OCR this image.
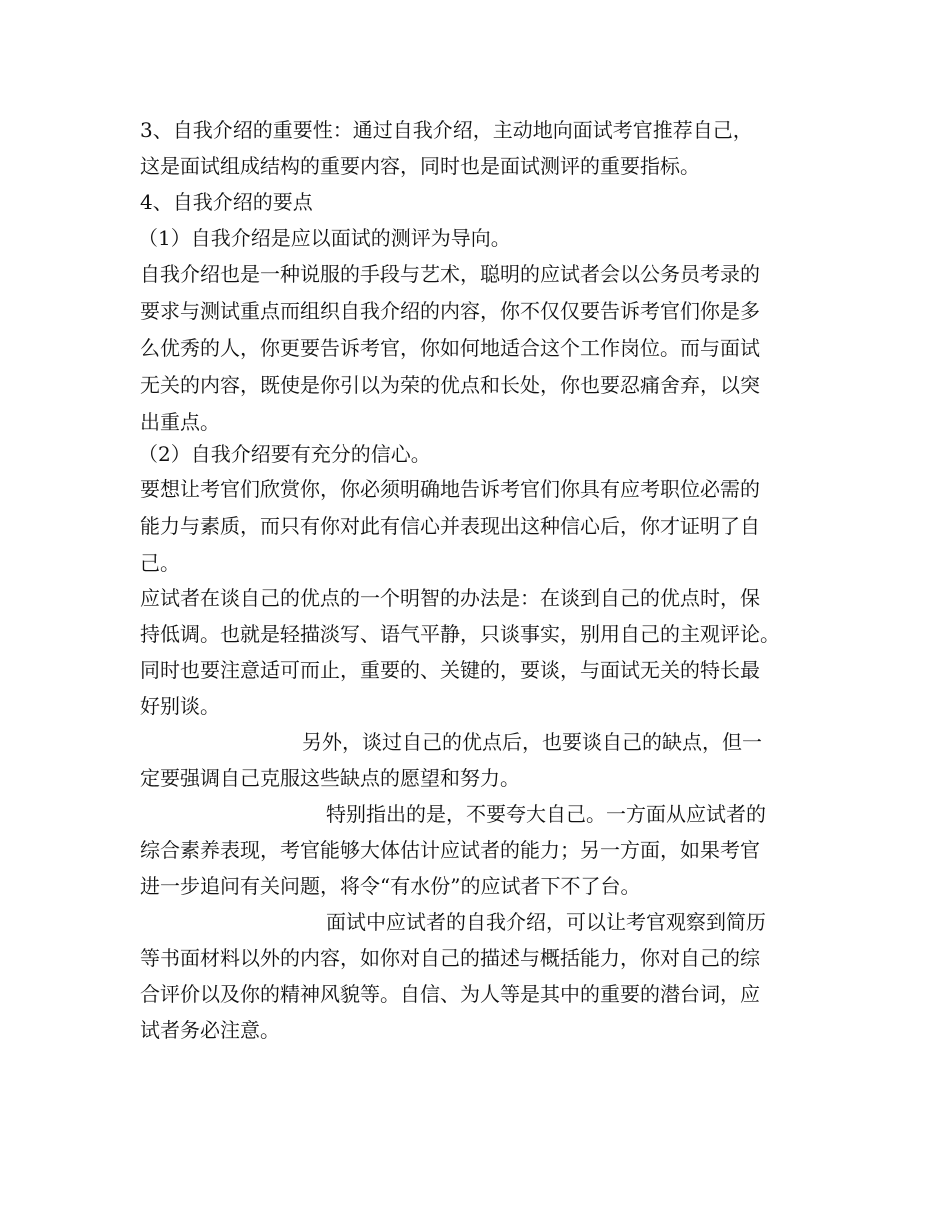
3、自我介绍的重要性：通过自我介绍，主动地向面试考官推荐自己，
这是面试组成结构的重要内容，同时也是面试测评的重要指标。
4、自我介绍的要点
（1）自我介绍是应以面试的测评为导向。
自我介绍也是一种说服的手段与艺术，聪明的应试者会以公务员考录的
要求与测试重点而组织自我介绍的内容，你不仅仅要告诉考官们你是多
么优秀的人，你更要告诉考官，你如何地适合这个工作岗位。而与面试
无关的内容，既使是你引以为荣的优点和长处，你也要忍痛舍弃，以突
出重点。
（2）自我介绍要有充分的信心。
要想让考官们欣赏你，你必须明确地告诉考官们你具有应考职位必需的
能力与素质，而只有你对此有信心并表现出这种信心后，你才证明了自
己。
应试者在谈自己的优点的一个明智的办法是：在谈到自己的优点时，保
持低调。也就是轻描淡写、语气平静，只谈事实，别用自己的主观评论。
同时也要注意适可而止，重要的、关键的，要谈，与面试无关的特长最
好别谈。
另外，谈过自己的优点后，也要谈自己的缺点，但一
定要强调自己克服这些缺点的愿望和努力。
特别指出的是，不要夸大自己。一方面从应试者的
综合素养表现，考官能够大体估计应试者的能力；另一方面，如果考官
进一步追问有关问题，将令“有水份”的应试者下不了台。
面试中应试者的自我介绍，可以让考官观察到简历
等书面材料以外的内容，如你对自己的描述与概括能力，你对自己的综
合评价以及你的精神风貌等。自信、为人等是其中的重要的潜台词，应
试者务必注意。
